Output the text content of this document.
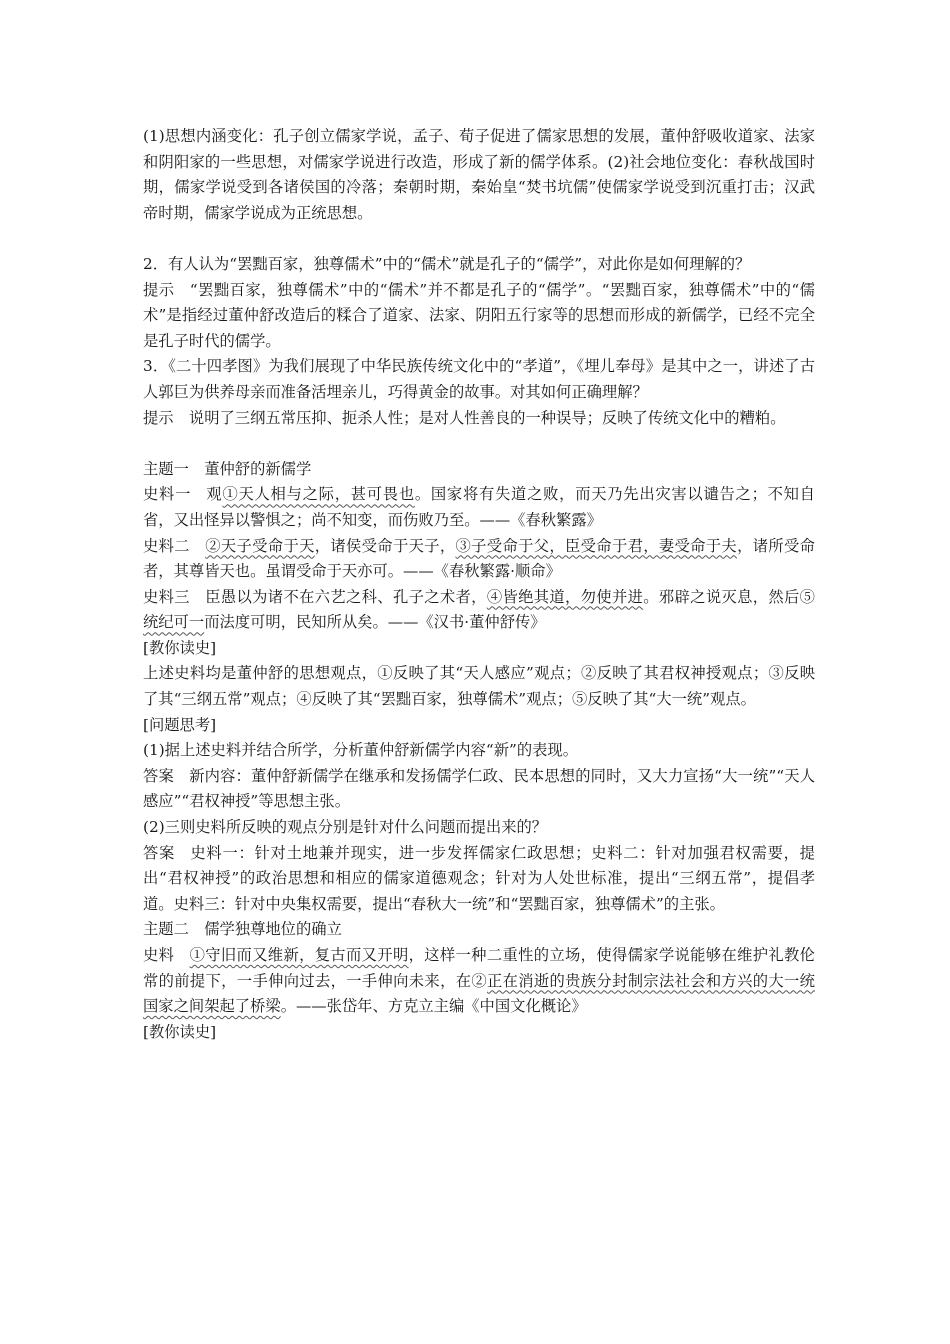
(1)思想内涵变化：孔子创立儒家学说，孟子、荀子促进了儒家思想的发展，董仲舒吸收道家、法家和阴阳家的一些思想，对儒家学说进行改造，形成了新的儒学体系。(2)社会地位变化：春秋战国时期，儒家学说受到各诸侯国的冷落；秦朝时期，秦始皇“焚书坑儒”使儒家学说受到沉重打击；汉武帝时期，儒家学说成为正统思想。

2．有人认为“罢黜百家，独尊儒术”中的“儒术”就是孔子的“儒学”，对此你是如何理解的？

提示 “罢黜百家，独尊儒术”中的“儒术”并不都是孔子的“儒学”。“罢黜百家，独尊儒术”中的“儒术”是指经过董仲舒改造后的糅合了道家、法家、阴阳五行家等的思想而形成的新儒学，已经不完全是孔子时代的儒学。

3．《二十四孝图》为我们展现了中华民族传统文化中的“孝道”，《埋儿奉母》是其中之一，讲述了古人郭巨为供养母亲而准备活埋亲儿，巧得黄金的故事。对其如何正确理解？

提示 说明了三纲五常压抑、扼杀人性；是对人性善良的一种误导；反映了传统文化中的糟粕。

主题一　董仲舒的新儒学

史料一 观①天人相与之际，甚可畏也。国家将有失道之败，而天乃先出灾害以谴告之；不知自省，又出怪异以警惧之；尚不知变，而伤败乃至。——《春秋繁露》

史料二 ②天子受命于天，诸侯受命于天子，③子受命于父，臣受命于君，妻受命于夫，诸所受命者，其尊皆天也。虽谓受命于天亦可。——《春秋繁露·顺命》

史料三 臣愚以为诸不在六艺之科、孔子之术者，④皆绝其道，勿使并进。邪辟之说灭息，然后⑤统纪可一而法度可明，民知所从矣。——《汉书·董仲舒传》

[教你读史]

上述史料均是董仲舒的思想观点，①反映了其“天人感应”观点；②反映了其君权神授观点；③反映了其“三纲五常”观点；④反映了其“罢黜百家，独尊儒术”观点；⑤反映了其“大一统”观点。

[问题思考]

(1)据上述史料并结合所学，分析董仲舒新儒学内容“新”的表现。

答案 新内容：董仲舒新儒学在继承和发扬儒学仁政、民本思想的同时，又大力宣扬“大一统”“天人感应”“君权神授”等思想主张。

(2)三则史料所反映的观点分别是针对什么问题而提出来的？

答案 史料一：针对土地兼并现实，进一步发挥儒家仁政思想；史料二：针对加强君权需要，提出“君权神授”的政治思想和相应的儒家道德观念；针对为人处世标准，提出“三纲五常”，提倡孝道。史料三：针对中央集权需要，提出“春秋大一统”和“罢黜百家，独尊儒术”的主张。

主题二　儒学独尊地位的确立

史料 ①守旧而又维新，复古而又开明，这样一种二重性的立场，使得儒家学说能够在维护礼教伦常的前提下，一手伸向过去，一手伸向未来，在②正在消逝的贵族分封制宗法社会和方兴的大一统国家之间架起了桥梁。——张岱年、方克立主编《中国文化概论》

[教你读史]
